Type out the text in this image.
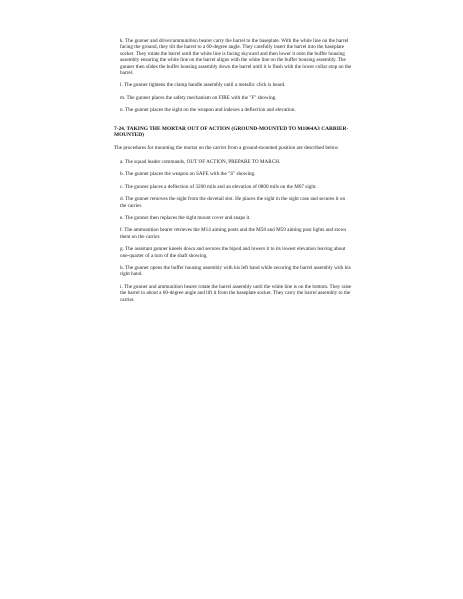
k. The gunner and driver/ammunition bearer carry the barrel to the baseplate. With the white line on the barrel facing the ground, they tilt the barrel to a 60-degree angle. They carefully insert the barrel into the baseplate socket. They rotate the barrel until the white line is facing skyward and then lower it onto the buffer housing assembly ensuring the white line on the barrel aligns with the white line on the buffer housing assembly. The gunner then slides the buffer housing assembly down the barrel until it is flush with the lower collar stop on the barrel.

l. The gunner tightens the clamp handle assembly until a metallic click is heard.

m. The gunner places the safety mechanism on FIRE with the "F" showing.

n. The gunner places the sight on the weapon and indexes a deflection and elevation.

7-24. TAKING THE MORTAR OUT OF ACTION (GROUND-MOUNTED TO M1064A3 CARRIER-MOUNTED)

The procedures for mounting the mortar on the carrier from a ground-mounted position are described below.

a. The squad leader commands, OUT OF ACTION, PREPARE TO MARCH.

b. The gunner places the weapon on SAFE with the "S" showing.

c. The gunner places a deflection of 3200 mils and an elevation of 0800 mils on the M67 sight.

d. The gunner removes the sight from the dovetail slot. He places the sight in the sight case and secures it on the carrier.

e. The gunner then replaces the sight mount cover and snaps it.

f. The ammunition bearer retrieves the M14 aiming posts and the M58 and M59 aiming post lights and stows them on the carrier.

g. The assistant gunner kneels down and secures the bipod and lowers it to its lowest elevation leaving about one-quarter of a turn of the shaft showing.

h. The gunner opens the buffer housing assembly with his left hand while securing the barrel assembly with his right hand.

i. The gunner and ammunition bearer rotate the barrel assembly until the white line is on the bottom. They raise the barrel to about a 60-degree angle and lift it from the baseplate socket. They carry the barrel assembly to the carrier.
